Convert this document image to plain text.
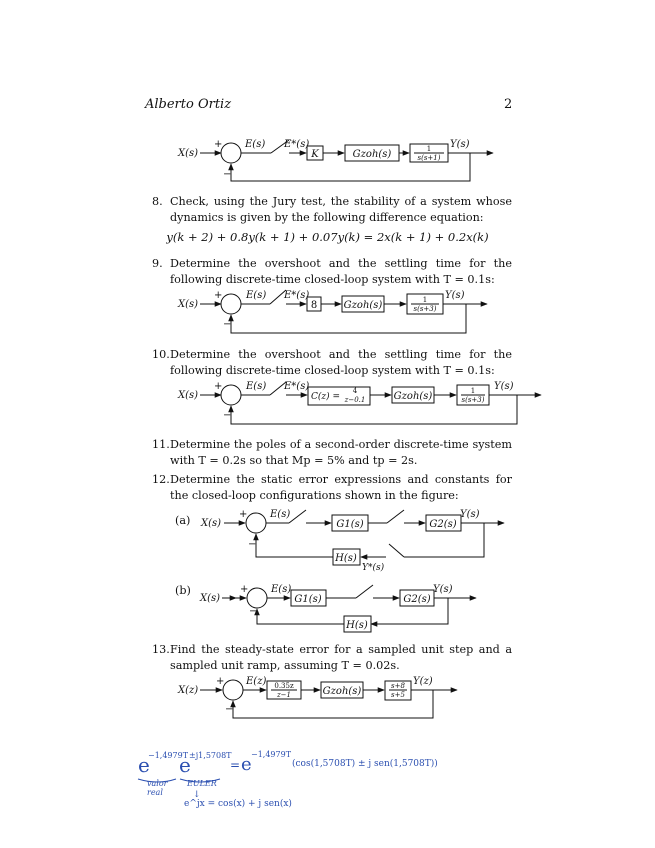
Alberto Ortiz	2
8. Check, using the Jury test, the stability of a system whose dynamics is given by the following difference equation:
y(k + 2) + 0.8y(k + 1) + 0.07y(k) = 2x(k + 1) + 0.2x(k)
9. Determine the overshoot and the settling time for the following discrete-time closed-loop system with T = 0.1s:
10. Determine the overshoot and the settling time for the following discrete-time closed-loop system with T = 0.1s:
11. Determine the poles of a second-order discrete-time system with T = 0.2s so that Mp = 5% and tp = 2s.
12. Determine the static error expressions and constants for the closed-loop configurations shown in the figure:
(a)
(b)
13. Find the steady-state error for a sampled unit step and a sampled unit ramp, assuming T = 0.02s.
X(s)
+
−
E(s) E*(s)
K	Gzoh(s)	1
s(s+1)
Y(s)
X(s)
+
−
E(s) E*(s)
8	Gzoh(s)	1
s(s+3)
Y(s)
X(s)
+
−
E(s) E*(s)
C(z) =
4
z−0.1	Gzoh(s)	1
s(s+3)
Y(s)
X(s)
+
−
E(s)
G1(s)	G2(s)
Y(s)
H(s)
Y*(s)
X(s)
+
−
E(s)
G1(s)	G2(s)
Y(s)
H(s)
X(z)
+
−
E(z) 0.35z
z−1	Gzoh(s)	s+8
s+5
Y(z)
e
−1,4979T
e
±j1,5708T
= e −1,4979T
(cos(1,5708T) ± j sen(1,5708T))
valor
real
EULER
↓
e^jx = cos(x) + j sen(x)
